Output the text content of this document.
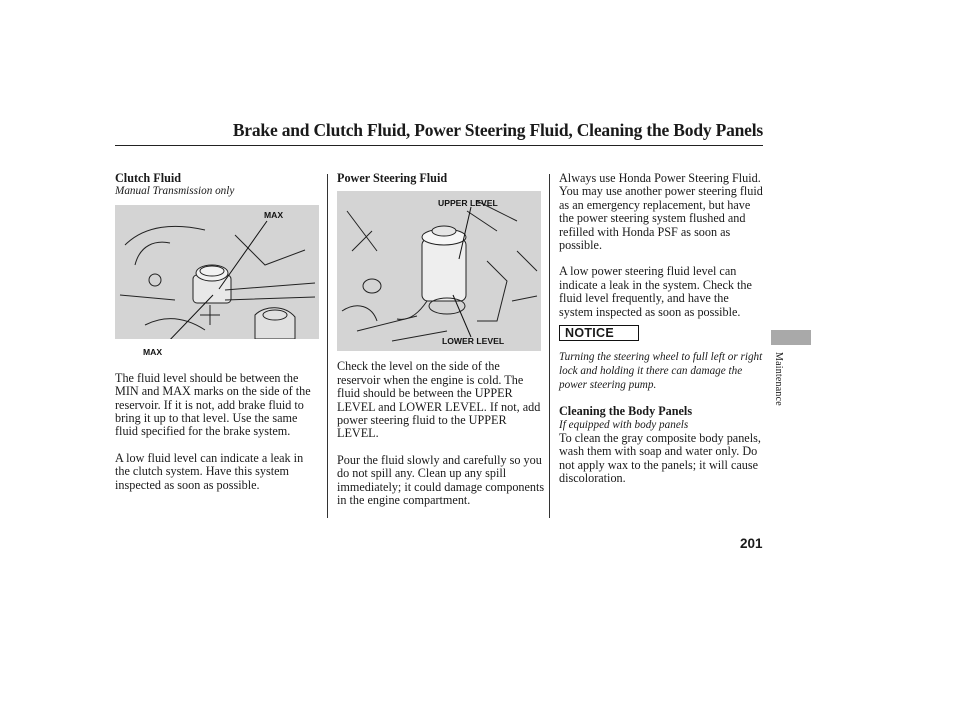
Brake and Clutch Fluid, Power Steering Fluid, Cleaning the Body Panels

Clutch Fluid

Manual Transmission only

MAX
MAX

The fluid level should be between the MIN and MAX marks on the side of the reservoir. If it is not, add brake fluid to bring it up to that level. Use the same fluid specified for the brake system.

A low fluid level can indicate a leak in the clutch system. Have this system inspected as soon as possible.

Power Steering Fluid

UPPER LEVEL
LOWER LEVEL

Check the level on the side of the reservoir when the engine is cold. The fluid should be between the UPPER LEVEL and LOWER LEVEL. If not, add power steering fluid to the UPPER LEVEL.

Pour the fluid slowly and carefully so you do not spill any. Clean up any spill immediately; it could damage components in the engine compartment.

Always use Honda Power Steering Fluid. You may use another power steering fluid as an emergency replacement, but have the power steering system flushed and refilled with Honda PSF as soon as possible.

A low power steering fluid level can indicate a leak in the system. Check the fluid level frequently, and have the system inspected as soon as possible.

NOTICE

Turning the steering wheel to full left or right lock and holding it there can damage the power steering pump.

Cleaning the Body Panels

If equipped with body panels

To clean the gray composite body panels, wash them with soap and water only. Do not apply wax to the panels; it will cause discoloration.

Maintenance
201
